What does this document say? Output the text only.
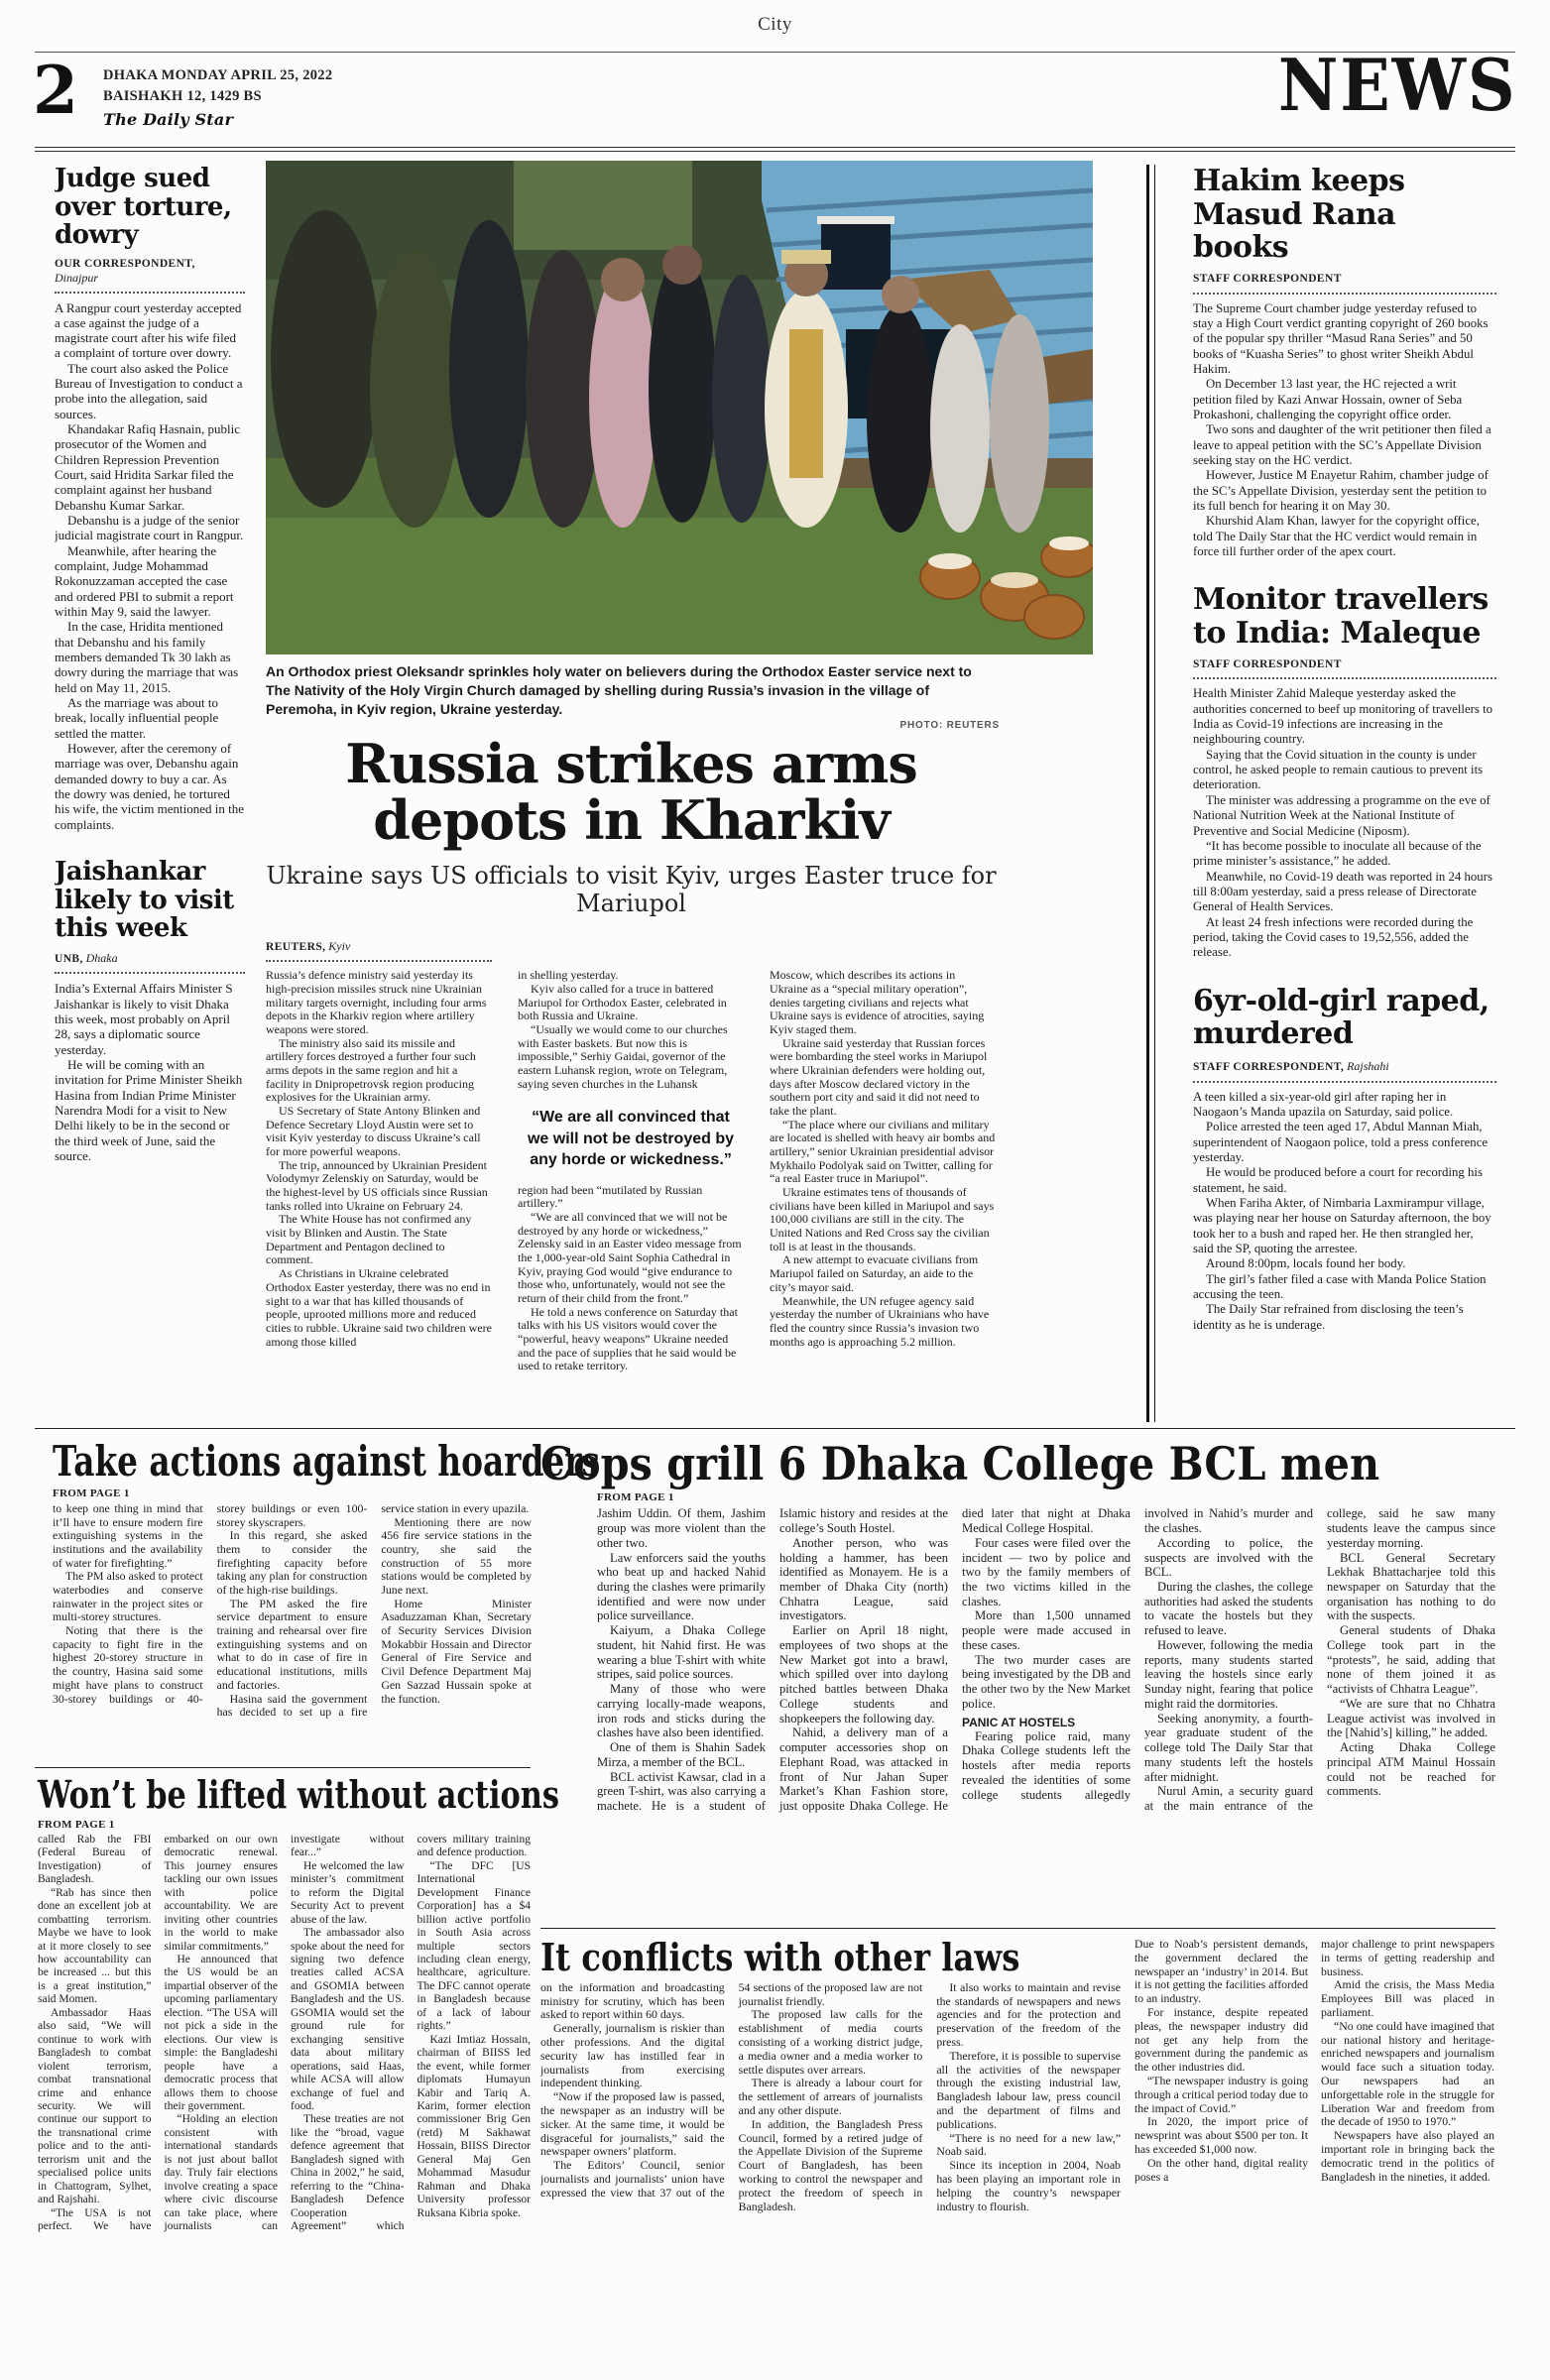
City
2 DHAKA MONDAY APRIL 25, 2022
BAISHAKH 12, 1429 BS
The Daily Star	NEWS
Judge sued over torture, dowry
OUR CORRESPONDENT,
Dinajpur

A Rangpur court yesterday accepted a case against the judge of a magistrate court after his wife filed a complaint of torture over dowry.

The court also asked the Police Bureau of Investigation to conduct a probe into the allegation, said sources.

Khandakar Rafiq Hasnain, public prosecutor of the Women and Children Repression Prevention Court, said Hridita Sarkar filed the complaint against her husband Debanshu Kumar Sarkar.

Debanshu is a judge of the senior judicial magistrate court in Rangpur.

Meanwhile, after hearing the complaint, Judge Mohammad Rokonuzzaman accepted the case and ordered PBI to submit a report within May 9, said the lawyer.

In the case, Hridita mentioned that Debanshu and his family members demanded Tk 30 lakh as dowry during the marriage that was held on May 11, 2015.

As the marriage was about to break, locally influential people settled the matter.

However, after the ceremony of marriage was over, Debanshu again demanded dowry to buy a car. As the dowry was denied, he tortured his wife, the victim mentioned in the complaints.

Jaishankar likely to visit this week
UNB, Dhaka

India’s External Affairs Minister S Jaishankar is likely to visit Dhaka this week, most probably on April 28, says a diplomatic source yesterday.

He will be coming with an invitation for Prime Minister Sheikh Hasina from Indian Prime Minister Narendra Modi for a visit to New Delhi likely to be in the second or the third week of June, said the source.

An Orthodox priest Oleksandr sprinkles holy water on believers during the Orthodox Easter service next to The Nativity of the Holy Virgin Church damaged by shelling during Russia’s invasion in the village of Peremoha, in Kyiv region, Ukraine yesterday.
PHOTO: REUTERS
Russia strikes arms depots in Kharkiv
Ukraine says US officials to visit Kyiv, urges Easter truce for Mariupol
REUTERS, Kyiv

Russia’s defence ministry said yesterday its high-precision missiles struck nine Ukrainian military targets overnight, including four arms depots in the Kharkiv region where artillery weapons were stored.

The ministry also said its missile and artillery forces destroyed a further four such arms depots in the same region and hit a facility in Dnipropetrovsk region producing explosives for the Ukrainian army.

US Secretary of State Antony Blinken and Defence Secretary Lloyd Austin were set to visit Kyiv yesterday to discuss Ukraine’s call for more powerful weapons.

The trip, announced by Ukrainian President Volodymyr Zelenskiy on Saturday, would be the highest-level by US officials since Russian tanks rolled into Ukraine on February 24.

The White House has not confirmed any visit by Blinken and Austin. The State Department and Pentagon declined to comment.

As Christians in Ukraine celebrated Orthodox Easter yesterday, there was no end in sight to a war that has killed thousands of people, uprooted millions more and reduced cities to rubble. Ukraine said two children were among those killed

in shelling yesterday.

Kyiv also called for a truce in battered Mariupol for Orthodox Easter, celebrated in both Russia and Ukraine.

“Usually we would come to our churches with Easter baskets. But now this is impossible,” Serhiy Gaidai, governor of the eastern Luhansk region, wrote on Telegram, saying seven churches in the Luhansk

“We are all convinced that we will not be destroyed by any horde or wickedness.”

region had been “mutilated by Russian artillery.”

“We are all convinced that we will not be destroyed by any horde or wickedness,” Zelensky said in an Easter video message from the 1,000-year-old Saint Sophia Cathedral in Kyiv, praying God would “give endurance to those who, unfortunately, would not see the return of their child from the front.”

He told a news conference on Saturday that talks with his US visitors would cover the “powerful, heavy weapons” Ukraine needed and the pace of supplies that he said would be used to retake territory.

Moscow, which describes its actions in Ukraine as a “special military operation”, denies targeting civilians and rejects what Ukraine says is evidence of atrocities, saying Kyiv staged them.

Ukraine said yesterday that Russian forces were bombarding the steel works in Mariupol where Ukrainian defenders were holding out, days after Moscow declared victory in the southern port city and said it did not need to take the plant.

“The place where our civilians and military are located is shelled with heavy air bombs and artillery,” senior Ukrainian presidential advisor Mykhailo Podolyak said on Twitter, calling for “a real Easter truce in Mariupol”.

Ukraine estimates tens of thousands of civilians have been killed in Mariupol and says 100,000 civilians are still in the city. The United Nations and Red Cross say the civilian toll is at least in the thousands.

A new attempt to evacuate civilians from Mariupol failed on Saturday, an aide to the city’s mayor said.

Meanwhile, the UN refugee agency said yesterday the number of Ukrainians who have fled the country since Russia’s invasion two months ago is approaching 5.2 million.

Hakim keeps Masud Rana books
STAFF CORRESPONDENT

The Supreme Court chamber judge yesterday refused to stay a High Court verdict granting copyright of 260 books of the popular spy thriller “Masud Rana Series” and 50 books of “Kuasha Series” to ghost writer Sheikh Abdul Hakim.

On December 13 last year, the HC rejected a writ petition filed by Kazi Anwar Hossain, owner of Seba Prokashoni, challenging the copyright office order.

Two sons and daughter of the writ petitioner then filed a leave to appeal petition with the SC’s Appellate Division seeking stay on the HC verdict.

However, Justice M Enayetur Rahim, chamber judge of the SC’s Appellate Division, yesterday sent the petition to its full bench for hearing it on May 30.

Khurshid Alam Khan, lawyer for the copyright office, told The Daily Star that the HC verdict would remain in force till further order of the apex court.

Monitor travellers to India: Maleque
STAFF CORRESPONDENT

Health Minister Zahid Maleque yesterday asked the authorities concerned to beef up monitoring of travellers to India as Covid-19 infections are increasing in the neighbouring country.

Saying that the Covid situation in the county is under control, he asked people to remain cautious to prevent its deterioration.

The minister was addressing a programme on the eve of National Nutrition Week at the National Institute of Preventive and Social Medicine (Niposm).

“It has become possible to inoculate all because of the prime minister’s assistance,” he added.

Meanwhile, no Covid-19 death was reported in 24 hours till 8:00am yesterday, said a press release of Directorate General of Health Services.

At least 24 fresh infections were recorded during the period, taking the Covid cases to 19,52,556, added the release.

6yr-old-girl raped, murdered
STAFF CORRESPONDENT, Rajshahi

A teen killed a six-year-old girl after raping her in Naogaon’s Manda upazila on Saturday, said police.

Police arrested the teen aged 17, Abdul Mannan Miah, superintendent of Naogaon police, told a press conference yesterday.

He would be produced before a court for recording his statement, he said.

When Fariha Akter, of Nimbaria Laxmirampur village, was playing near her house on Saturday afternoon, the boy took her to a bush and raped her. He then strangled her, said the SP, quoting the arrestee.

Around 8:00pm, locals found her body.

The girl’s father filed a case with Manda Police Station accusing the teen.

The Daily Star refrained from disclosing the teen’s identity as he is underage.

Take actions against hoarders
FROM PAGE 1

to keep one thing in mind that it’ll have to ensure modern fire extinguishing systems in the institutions and the availability of water for firefighting.”

The PM also asked to protect waterbodies and conserve rainwater in the project sites or multi-storey structures.

Noting that there is the capacity to fight fire in the highest 20-storey structure in the country, Hasina said some might have plans to construct 30-storey buildings or 40-storey buildings or even 100-storey skyscrapers.

In this regard, she asked them to consider the firefighting capacity before taking any plan for construction of the high-rise buildings.

The PM asked the fire service department to ensure training and rehearsal over fire extinguishing systems and on what to do in case of fire in educational institutions, mills and factories.

Hasina said the government has decided to set up a fire service station in every upazila.

Mentioning there are now 456 fire service stations in the country, she said the construction of 55 more stations would be completed by June next.

Home Minister Asaduzzaman Khan, Secretary of Security Services Division Mokabbir Hossain and Director General of Fire Service and Civil Defence Department Maj Gen Sazzad Hussain spoke at the function.

Cops grill 6 Dhaka College BCL men
FROM PAGE 1

Jashim Uddin. Of them, Jashim group was more violent than the other two.

Law enforcers said the youths who beat up and hacked Nahid during the clashes were primarily identified and were now under police surveillance.

Kaiyum, a Dhaka College student, hit Nahid first. He was wearing a blue T-shirt with white stripes, said police sources.

Many of those who were carrying locally-made weapons, iron rods and sticks during the clashes have also been identified.

One of them is Shahin Sadek Mirza, a member of the BCL.

BCL activist Kawsar, clad in a green T-shirt, was also carrying a machete. He is a student of Islamic history and resides at the college’s South Hostel.

Another person, who was holding a hammer, has been identified as Monayem. He is a member of Dhaka City (north) Chhatra League, said investigators.

Earlier on April 18 night, employees of two shops at the New Market got into a brawl, which spilled over into daylong pitched battles between Dhaka College students and shopkeepers the following day.

Nahid, a delivery man of a computer accessories shop on Elephant Road, was attacked in front of Nur Jahan Super Market’s Khan Fashion store, just opposite Dhaka College. He died later that night at Dhaka Medical College Hospital.

Four cases were filed over the incident — two by police and two by the family members of the two victims killed in the clashes.

More than 1,500 unnamed people were made accused in these cases.

The two murder cases are being investigated by the DB and the other two by the New Market police.

PANIC AT HOSTELS

Fearing police raid, many Dhaka College students left the hostels after media reports revealed the identities of some college students allegedly involved in Nahid’s murder and the clashes.

According to police, the suspects are involved with the BCL.

During the clashes, the college authorities had asked the students to vacate the hostels but they refused to leave.

However, following the media reports, many students started leaving the hostels since early Sunday night, fearing that police might raid the dormitories.

Seeking anonymity, a fourth-year graduate student of the college told The Daily Star that many students left the hostels after midnight.

Nurul Amin, a security guard at the main entrance of the college, said he saw many students leave the campus since yesterday morning.

BCL General Secretary Lekhak Bhattacharjee told this newspaper on Saturday that the organisation has nothing to do with the suspects.

General students of Dhaka College took part in the “protests”, he said, adding that none of them joined it as “activists of Chhatra League”.

“We are sure that no Chhatra League activist was involved in the [Nahid’s] killing,” he added.

Acting Dhaka College principal ATM Mainul Hossain could not be reached for comments.

Won’t be lifted without actions
FROM PAGE 1

called Rab the FBI (Federal Bureau of Investigation) of Bangladesh.

“Rab has since then done an excellent job at combatting terrorism. Maybe we have to look at it more closely to see how accountability can be increased ... but this is a great institution,” said Momen.

Ambassador Haas also said, “We will continue to work with Bangladesh to combat violent terrorism, combat transnational crime and enhance security. We will continue our support to the transnational crime police and to the anti-terrorism unit and the specialised police units in Chattogram, Sylhet, and Rajshahi.

“The USA is not perfect. We have embarked on our own democratic renewal. This journey ensures tackling our own issues with police accountability. We are inviting other countries in the world to make similar commitments.”

He announced that the US would be an impartial observer of the upcoming parliamentary election. “The USA will not pick a side in the elections. Our view is simple: the Bangladeshi people have a democratic process that allows them to choose their government.

“Holding an election consistent with international standards is not just about ballot day. Truly fair elections involve creating a space where civic discourse can take place, where journalists can investigate without fear...”

He welcomed the law minister’s commitment to reform the Digital Security Act to prevent abuse of the law.

The ambassador also spoke about the need for signing two defence treaties called ACSA and GSOMIA between Bangladesh and the US. GSOMIA would set the ground rule for exchanging sensitive data about military operations, said Haas, while ACSA will allow exchange of fuel and food.

These treaties are not like the “broad, vague defence agreement that Bangladesh signed with China in 2002,” he said, referring to the “China-Bangladesh Defence Cooperation Agreement” which covers military training and defence production.

“The DFC [US International Development Finance Corporation] has a $4 billion active portfolio in South Asia across multiple sectors including clean energy, healthcare, agriculture. The DFC cannot operate in Bangladesh because of a lack of labour rights.”

Kazi Imtiaz Hossain, chairman of BIISS led the event, while former diplomats Humayun Kabir and Tariq A. Karim, former election commissioner Brig Gen (retd) M Sakhawat Hossain, BIISS Director General Maj Gen Mohammad Masudur Rahman and Dhaka University professor Ruksana Kibria spoke.

It conflicts with other laws

on the information and broadcasting ministry for scrutiny, which has been asked to report within 60 days.

Generally, journalism is riskier than other professions. And the digital security law has instilled fear in journalists from exercising independent thinking.

“Now if the proposed law is passed, the newspaper as an industry will be sicker. At the same time, it would be disgraceful for journalists,” said the newspaper owners’ platform.

The Editors’ Council, senior journalists and journalists’ union have expressed the view that 37 out of the 54 sections of the proposed law are not journalist friendly.

The proposed law calls for the establishment of media courts consisting of a working district judge, a media owner and a media worker to settle disputes over arrears.

There is already a labour court for the settlement of arrears of journalists and any other dispute.

In addition, the Bangladesh Press Council, formed by a retired judge of the Appellate Division of the Supreme Court of Bangladesh, has been working to control the newspaper and protect the freedom of speech in Bangladesh.

It also works to maintain and revise the standards of newspapers and news agencies and for the protection and preservation of the freedom of the press.

Therefore, it is possible to supervise all the activities of the newspaper through the existing industrial law, Bangladesh labour law, press council and the department of films and publications.

“There is no need for a new law,” Noab said.

Since its inception in 2004, Noab has been playing an important role in helping the country’s newspaper industry to flourish.

Due to Noab’s persistent demands, the government declared the newspaper an ‘industry’ in 2014. But it is not getting the facilities afforded to an industry.

For instance, despite repeated pleas, the newspaper industry did not get any help from the government during the pandemic as the other industries did.

“The newspaper industry is going through a critical period today due to the impact of Covid.”

In 2020, the import price of newsprint was about $500 per ton. It has exceeded $1,000 now.

On the other hand, digital reality poses a

major challenge to print newspapers in terms of getting readership and business.

Amid the crisis, the Mass Media Employees Bill was placed in parliament.

“No one could have imagined that our national history and heritage-enriched newspapers and journalism would face such a situation today. Our newspapers had an unforgettable role in the struggle for Liberation War and freedom from the decade of 1950 to 1970.”

Newspapers have also played an important role in bringing back the democratic trend in the politics of Bangladesh in the nineties, it added.
